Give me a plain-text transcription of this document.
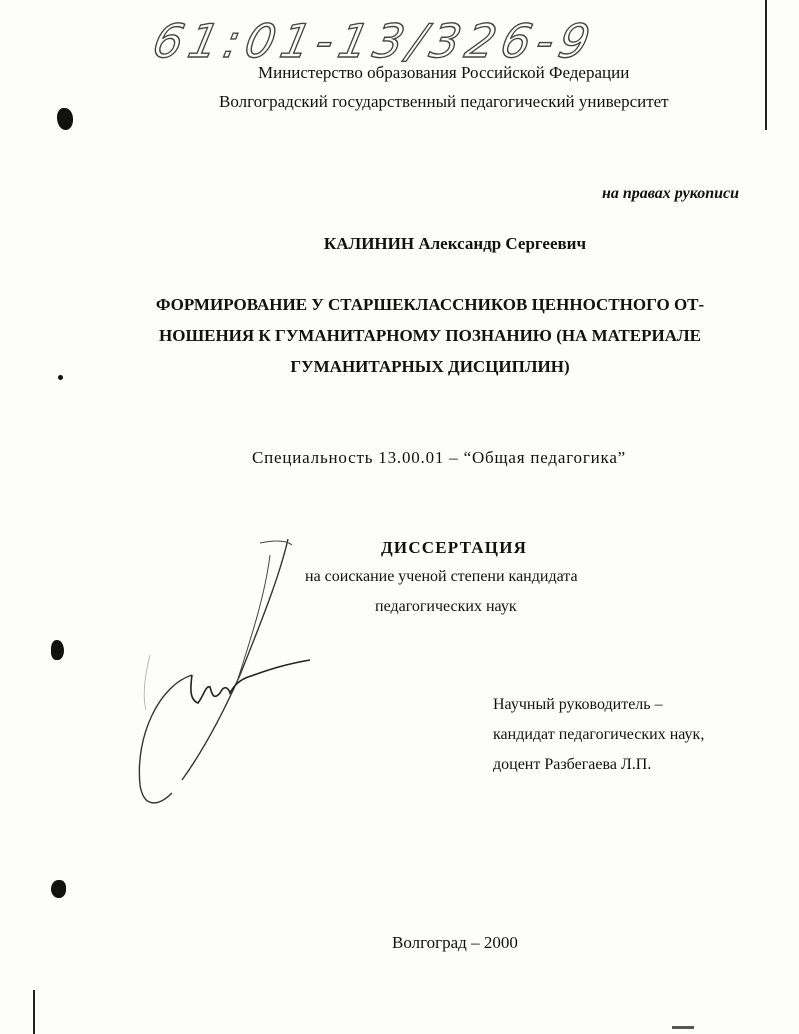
61:01-13/326-9
Министерство образования Российской Федерации
Волгоградский государственный педагогический университет
на правах рукописи
КАЛИНИН Александр Сергеевич
ФОРМИРОВАНИЕ У СТАРШЕКЛАССНИКОВ ЦЕННОСТНОГО ОТ-
НОШЕНИЯ К ГУМАНИТАРНОМУ ПОЗНАНИЮ (НА МАТЕРИАЛЕ
ГУМАНИТАРНЫХ ДИСЦИПЛИН)
Специальность 13.00.01 – “Общая педагогика”
ДИССЕРТАЦИЯ
на соискание ученой степени кандидата
педагогических наук
Научный руководитель –
кандидат педагогических наук,
доцент Разбегаева Л.П.
Волгоград – 2000
